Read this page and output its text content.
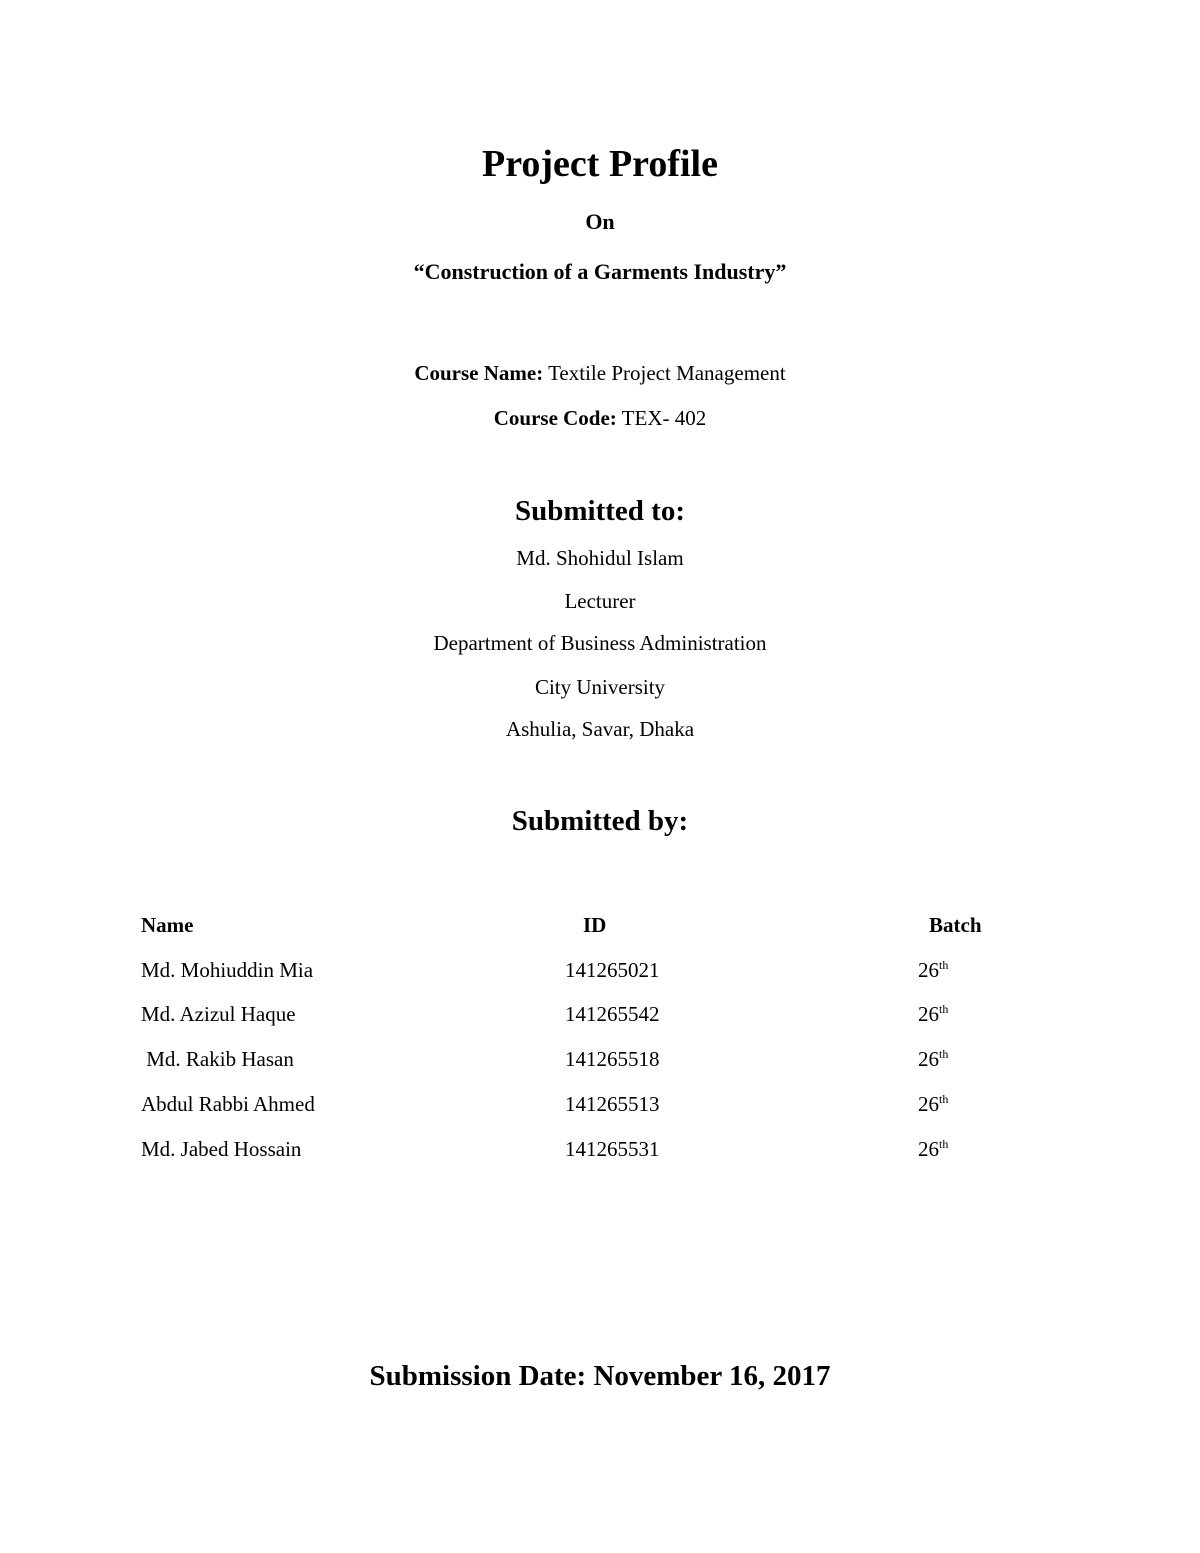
Project Profile
On
“Construction of a Garments Industry”
Course Name: Textile Project Management
Course Code: TEX- 402
Submitted to:
Md. Shohidul Islam
Lecturer
Department of Business Administration
City University
Ashulia, Savar, Dhaka
Submitted by:
Name	ID	Batch
Md. Mohiuddin Mia	141265021	26th
Md. Azizul Haque	141265542	26th
Md. Rakib Hasan	141265518	26th
Abdul Rabbi Ahmed	141265513	26th
Md. Jabed Hossain	141265531	26th
Submission Date: November 16, 2017
